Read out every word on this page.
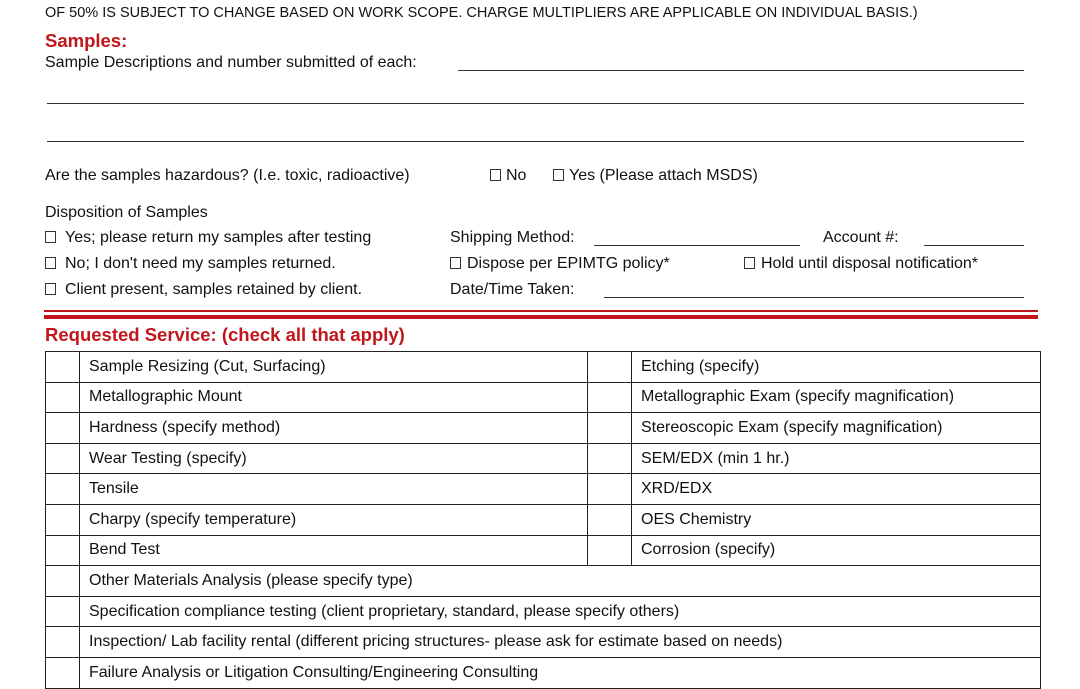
OF 50% IS SUBJECT TO CHANGE BASED ON WORK SCOPE. CHARGE MULTIPLIERS ARE APPLICABLE ON INDIVIDUAL BASIS.)
Samples:
Sample Descriptions and number submitted of each:
Are the samples hazardous? (I.e. toxic, radioactive)	No	Yes (Please attach MSDS)
Disposition of Samples
Yes; please return my samples after testing
No; I don't need my samples returned.
Client present, samples retained by client.
Shipping Method:	Account #:
Dispose per EPIMTG policy*	Hold until disposal notification*
Date/Time Taken:
Requested Service: (check all that apply)
	Sample Resizing (Cut, Surfacing)		Etching (specify)
	Metallographic Mount		Metallographic Exam (specify magnification)
	Hardness (specify method)		Stereoscopic Exam (specify magnification)
	Wear Testing (specify)		SEM/EDX (min 1 hr.)
	Tensile		XRD/EDX
	Charpy (specify temperature)		OES Chemistry
	Bend Test		Corrosion (specify)
	Other Materials Analysis (please specify type)		
	Specification compliance testing (client proprietary, standard, please specify others)		
	Inspection/ Lab facility rental (different pricing structures- please ask for estimate based on needs)		
	Failure Analysis or Litigation Consulting/Engineering Consulting		
